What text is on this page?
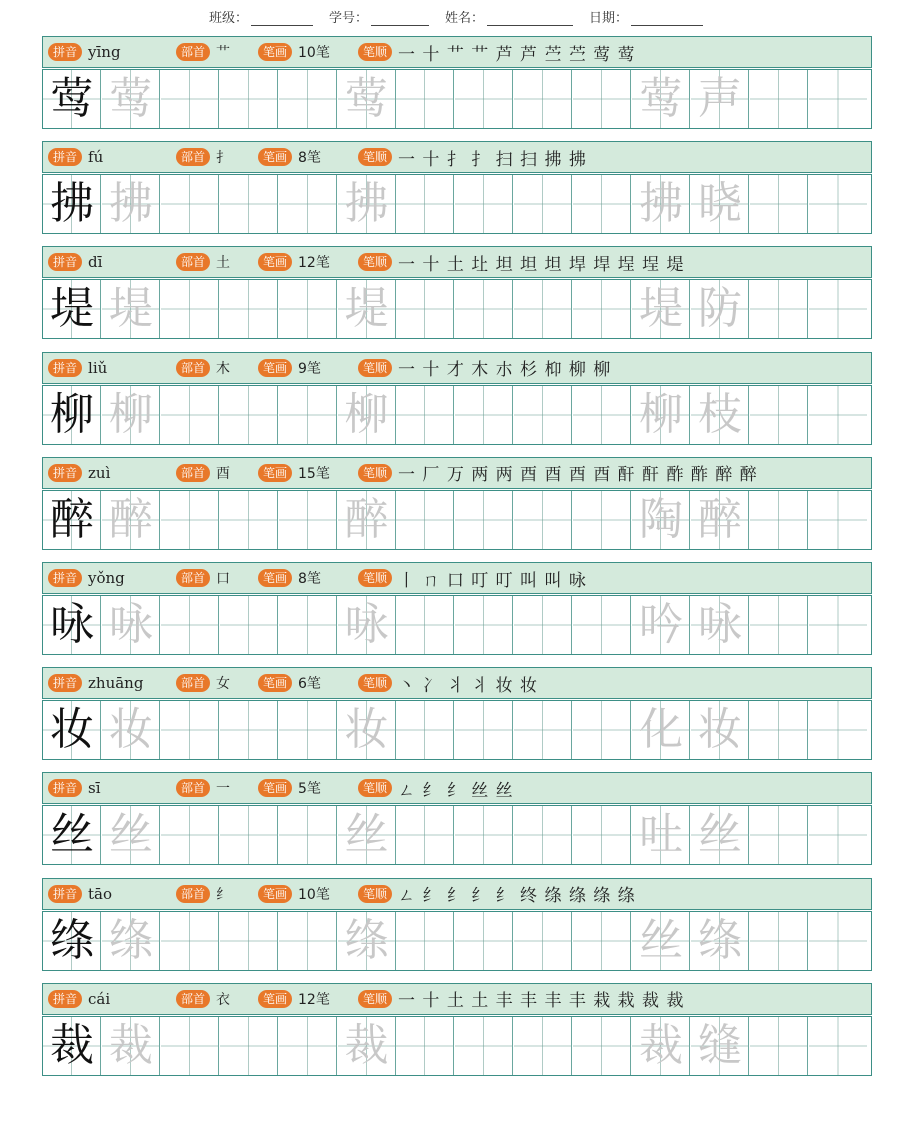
班级：	学号：	姓名：	日期：
拼音 yīng	部首 艹	笔画 10笔	笔顺 一 十 艹 艹 芦 芦 苎 苎 莺 莺
莺 莺	莺	莺 声
拼音 fú	部首 扌	笔画 8笔	笔顺 一 十 扌 扌 扫 扫 拂 拂
拂 拂	拂	拂 晓
拼音 dī	部首 土	笔画 12笔	笔顺 一 十 土 圵 坦 坦 坦 垾 垾 埕 埕 堤
堤 堤	堤	堤 防
拼音 liǔ	部首 木	笔画 9笔	笔顺 一 十 才 木 朩 杉 枊 柳 柳
柳 柳	柳	柳 枝
拼音 zuì	部首 酉	笔画 15笔	笔顺 一 厂 万 两 两 酉 酉 酉 酉 酐 酐 酢 酢 醉 醉
醉 醉	醉	陶 醉
拼音 yǒng	部首 口	笔画 8笔	笔顺 丨 ㄇ 口 叮 叮 叫 叫 咏
咏 咏	咏	吟 咏
拼音 zhuāng	部首 女	笔画 6笔	笔顺 丶 冫 丬 丬 妆 妆
妆 妆	妆	化 妆
拼音 sī	部首 一	笔画 5笔	笔顺 ㄥ 纟 纟 丝 丝
丝 丝	丝	吐 丝
拼音 tāo	部首 纟	笔画 10笔	笔顺 ㄥ 纟 纟 纟 纟 终 绦 绦 绦 绦
绦 绦	绦	丝 绦
拼音 cái	部首 衣	笔画 12笔	笔顺 一 十 土 土 丰 丰 丰 丰 栽 栽 裁 裁
裁 裁	裁	裁 缝
